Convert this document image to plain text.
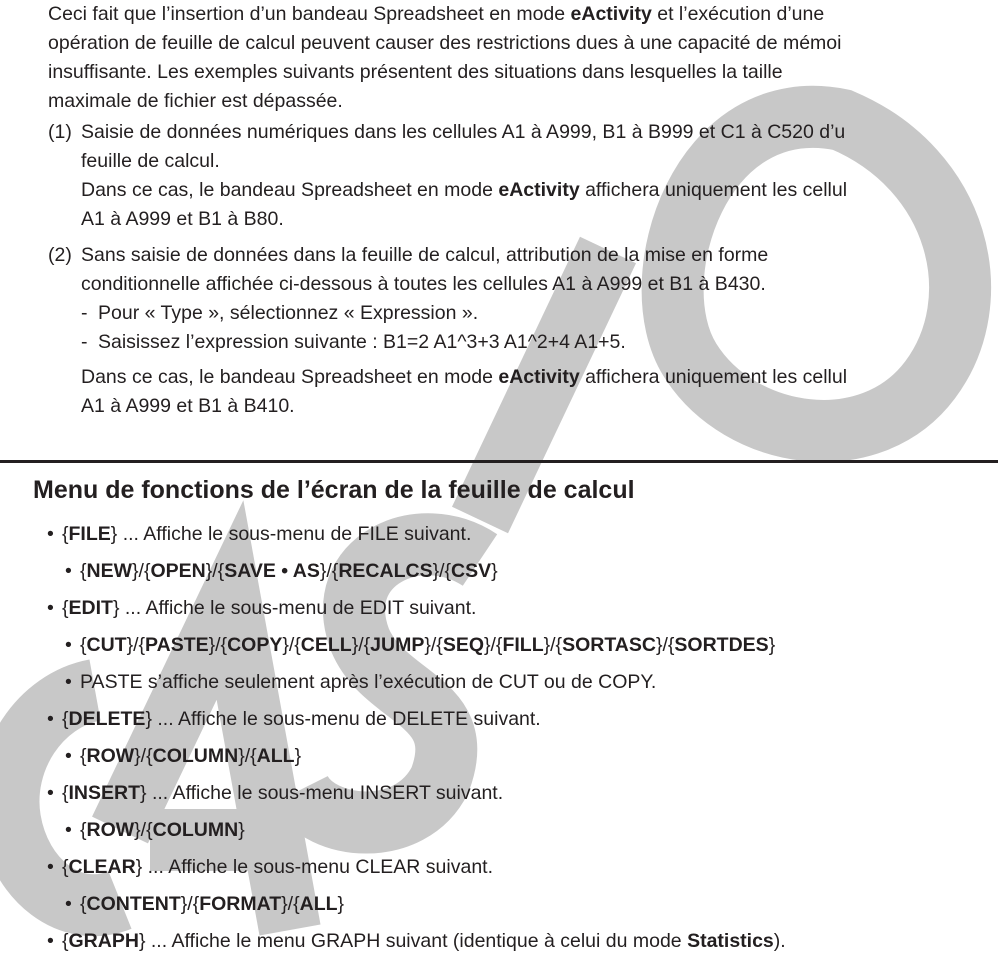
Ceci fait que l’insertion d’un bandeau Spreadsheet en mode eActivity et l’exécution d’une
opération de feuille de calcul peuvent causer des restrictions dues à une capacité de mémoi
insuffisante. Les exemples suivants présentent des situations dans lesquelles la taille
maximale de fichier est dépassée.
(1) Saisie de données numériques dans les cellules A1 à A999, B1 à B999 et C1 à C520 d’u
feuille de calcul.
Dans ce cas, le bandeau Spreadsheet en mode eActivity affichera uniquement les cellul
A1 à A999 et B1 à B80.
(2) Sans saisie de données dans la feuille de calcul, attribution de la mise en forme
conditionnelle affichée ci-dessous à toutes les cellules A1 à A999 et B1 à B430.
- Pour « Type », sélectionnez « Expression ».
- Saisissez l’expression suivante : B1=2 A1^3+3 A1^2+4 A1+5.
Dans ce cas, le bandeau Spreadsheet en mode eActivity affichera uniquement les cellul
A1 à A999 et B1 à B410.
Menu de fonctions de l’écran de la feuille de calcul
• {FILE} ... Affiche le sous-menu de FILE suivant.
• {NEW}/{OPEN}/{SAVE • AS}/{RECALCS}/{CSV}
• {EDIT} ... Affiche le sous-menu de EDIT suivant.
• {CUT}/{PASTE}/{COPY}/{CELL}/{JUMP}/{SEQ}/{FILL}/{SORTASC}/{SORTDES}
• PASTE s’affiche seulement après l’exécution de CUT ou de COPY.
• {DELETE} ... Affiche le sous-menu de DELETE suivant.
• {ROW}/{COLUMN}/{ALL}
• {INSERT} ... Affiche le sous-menu INSERT suivant.
• {ROW}/{COLUMN}
• {CLEAR} ... Affiche le sous-menu CLEAR suivant.
• {CONTENT}/{FORMAT}/{ALL}
• {GRAPH} ... Affiche le menu GRAPH suivant (identique à celui du mode Statistics).
